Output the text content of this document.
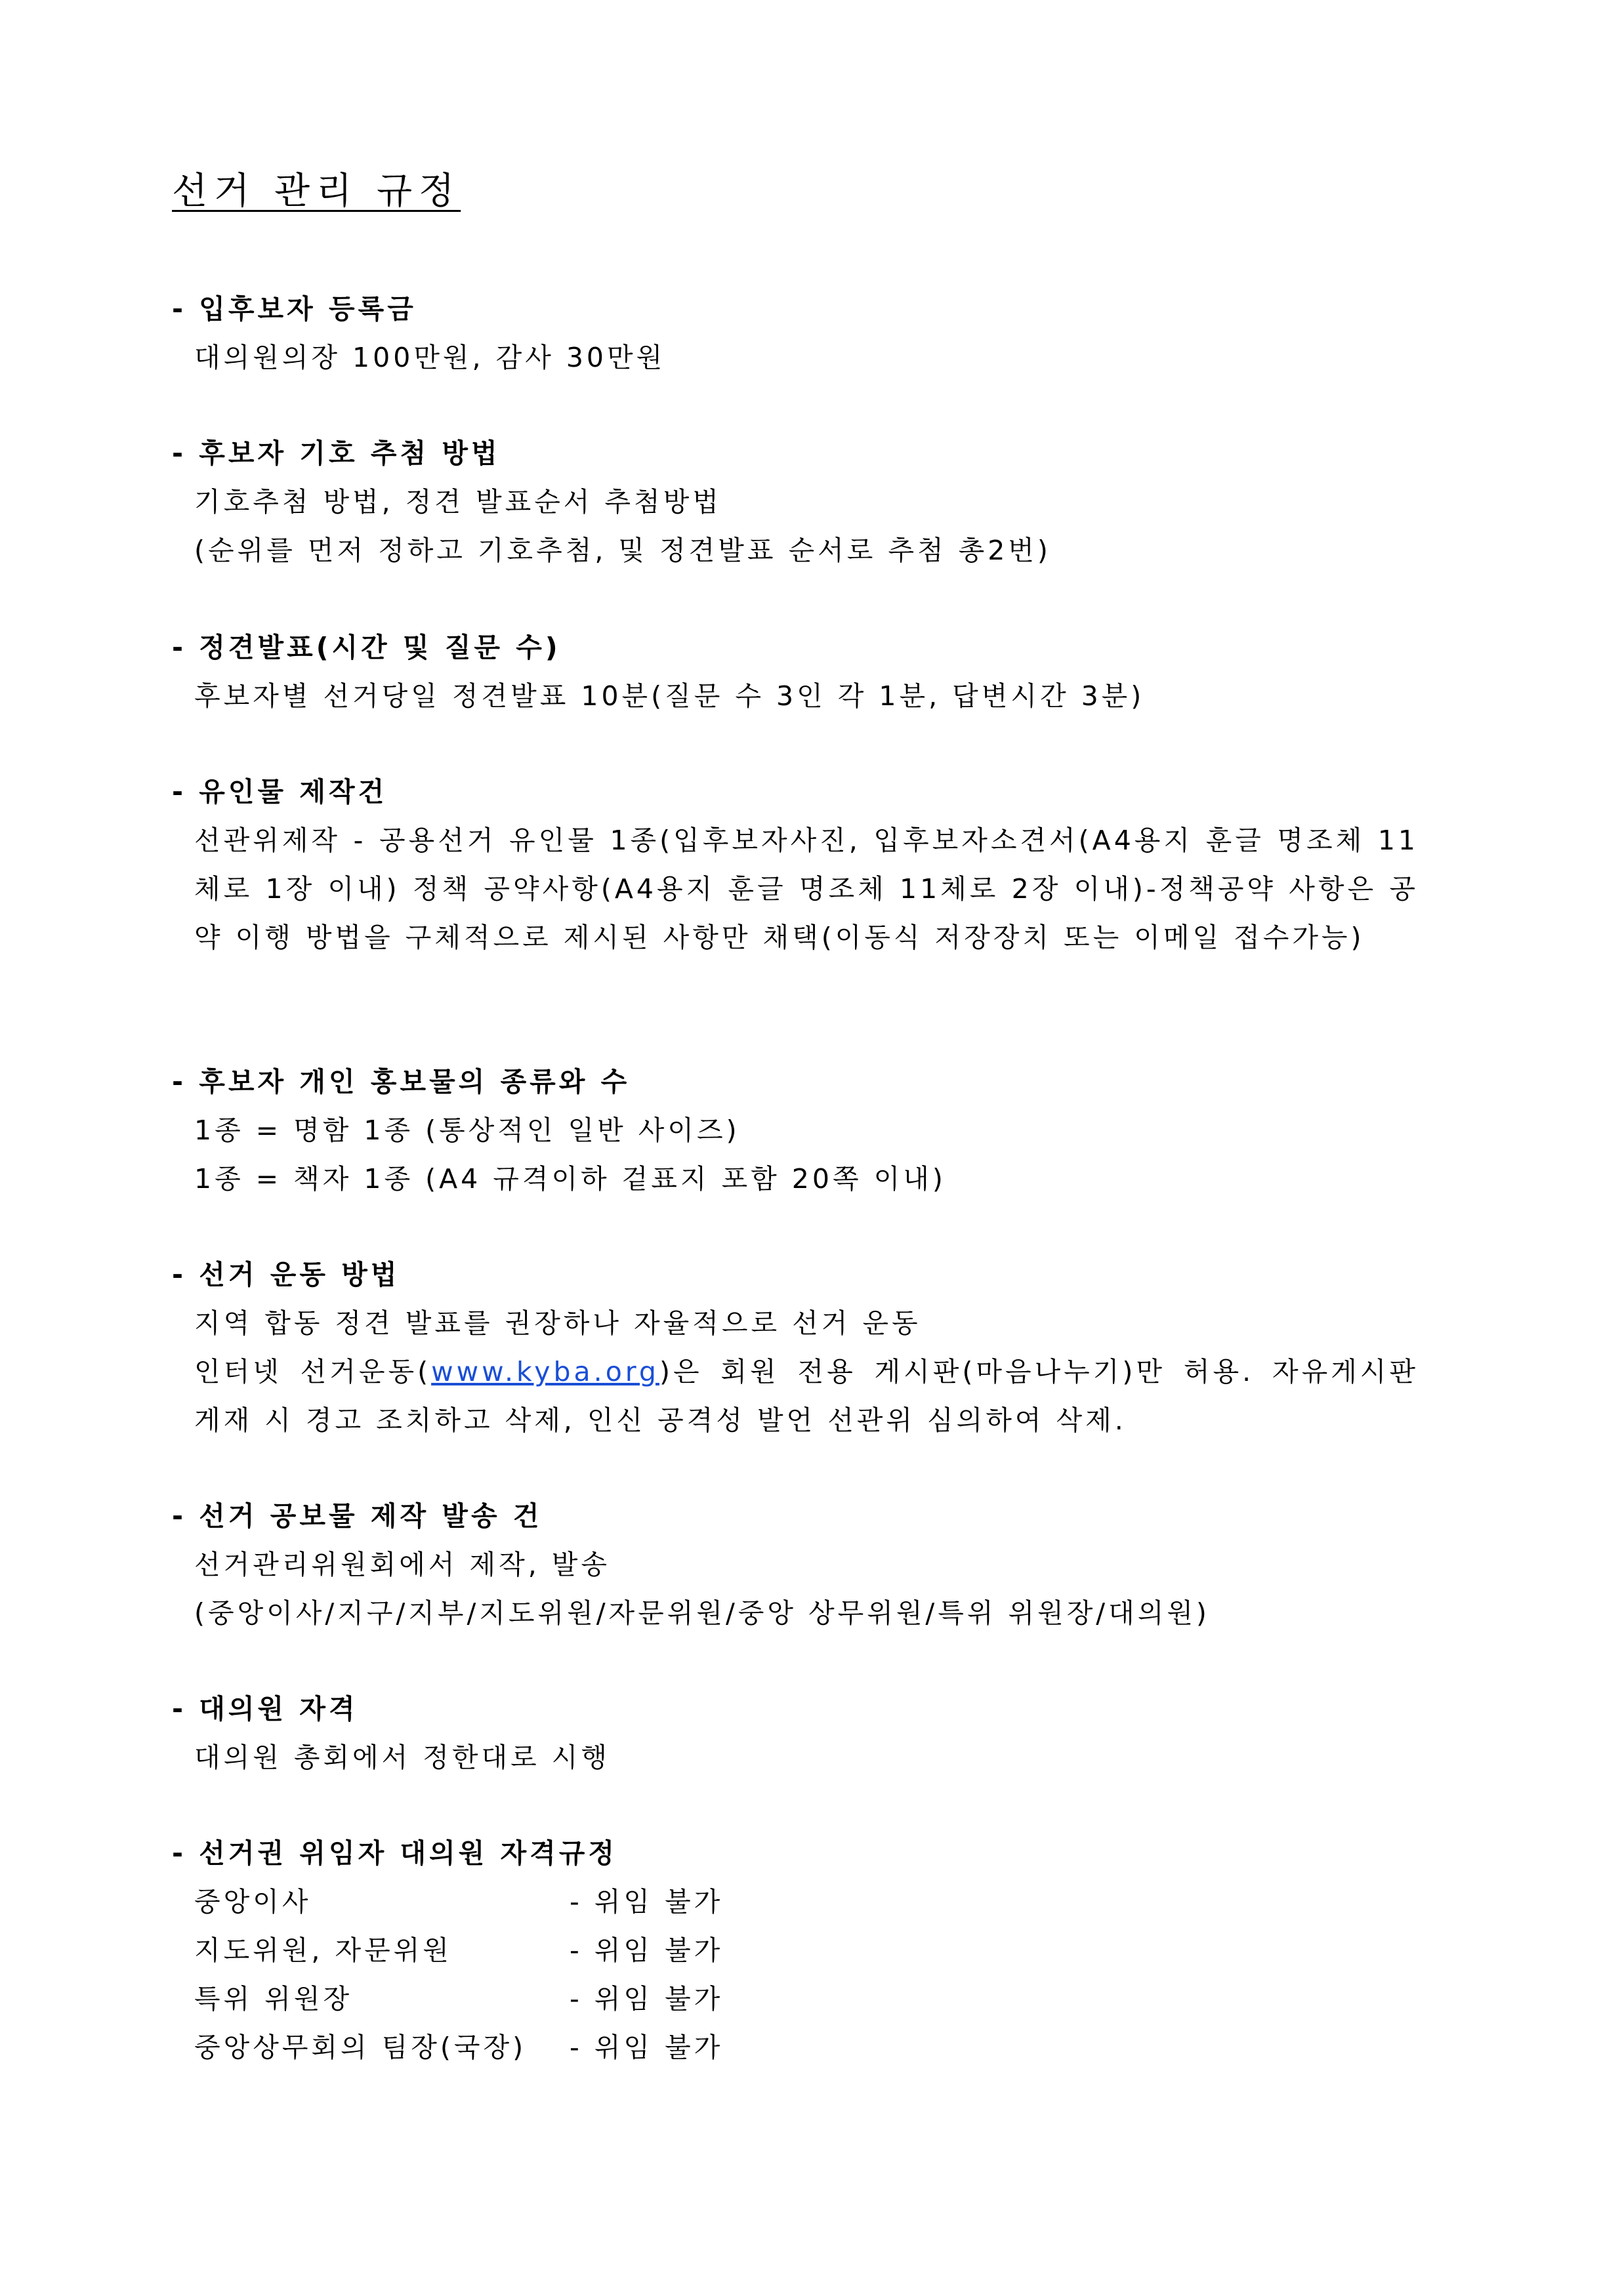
선거 관리 규정
- 입후보자 등록금
대의원의장 100만원, 감사 30만원
- 후보자 기호 추첨 방법
기호추첨 방법, 정견 발표순서 추첨방법
(순위를 먼저 정하고 기호추첨, 및 정견발표 순서로 추첨 총2번)
- 정견발표(시간 및 질문 수)
후보자별 선거당일 정견발표 10분(질문 수 3인 각 1분, 답변시간 3분)
- 유인물 제작건
선관위제작 - 공용선거 유인물 1종(입후보자사진, 입후보자소견서(A4용지 훈글 명조체 11체로 1장 이내) 정책 공약사항(A4용지 훈글 명조체 11체로 2장 이내)-정책공약 사항은 공약 이행 방법을 구체적으로 제시된 사항만 채택(이동식 저장장치 또는 이메일 접수가능)
- 후보자 개인 홍보물의 종류와 수
1종 = 명함 1종 (통상적인 일반 사이즈)
1종 = 책자 1종 (A4 규격이하 겉표지 포함 20쪽 이내)
- 선거 운동 방법
지역 합동 정견 발표를 권장하나 자율적으로 선거 운동
인터넷 선거운동(www.kyba.org)은 회원 전용 게시판(마음나누기)만 허용. 자유게시판 게재 시 경고 조치하고 삭제, 인신 공격성 발언 선관위 심의하여 삭제.
- 선거 공보물 제작 발송 건
선거관리위원회에서 제작, 발송
(중앙이사/지구/지부/지도위원/자문위원/중앙 상무위원/특위 위원장/대의원)
- 대의원 자격
대의원 총회에서 정한대로 시행
- 선거권 위임자 대의원 자격규정
중앙이사	- 위임 불가
지도위원, 자문위원	- 위임 불가
특위 위원장	- 위임 불가
중앙상무회의 팀장(국장)	- 위임 불가
